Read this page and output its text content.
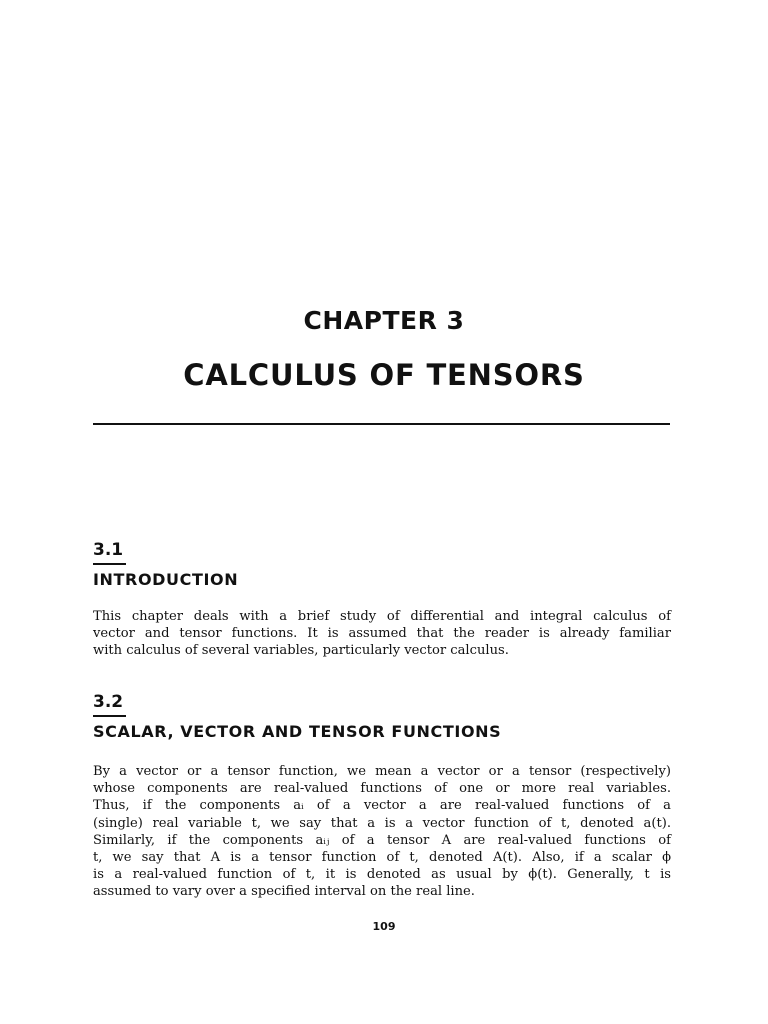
CHAPTER 3
CALCULUS OF TENSORS
3.1
INTRODUCTION
This chapter deals with a brief study of differential and integral calculus of
vector and tensor functions. It is assumed that the reader is already familiar
with calculus of several variables, particularly vector calculus.
3.2
SCALAR, VECTOR AND TENSOR FUNCTIONS
By a vector or a tensor function, we mean a vector or a tensor (respectively)
whose components are real-valued functions of one or more real variables.
Thus, if the components aᵢ of a vector a are real-valued functions of a
(single) real variable t, we say that a is a vector function of t, denoted a(t).
Similarly, if the components aᵢⱼ of a tensor A are real-valued functions of
t, we say that A is a tensor function of t, denoted A(t). Also, if a scalar ϕ
is a real-valued function of t, it is denoted as usual by ϕ(t). Generally, t is
assumed to vary over a specified interval on the real line.

109
